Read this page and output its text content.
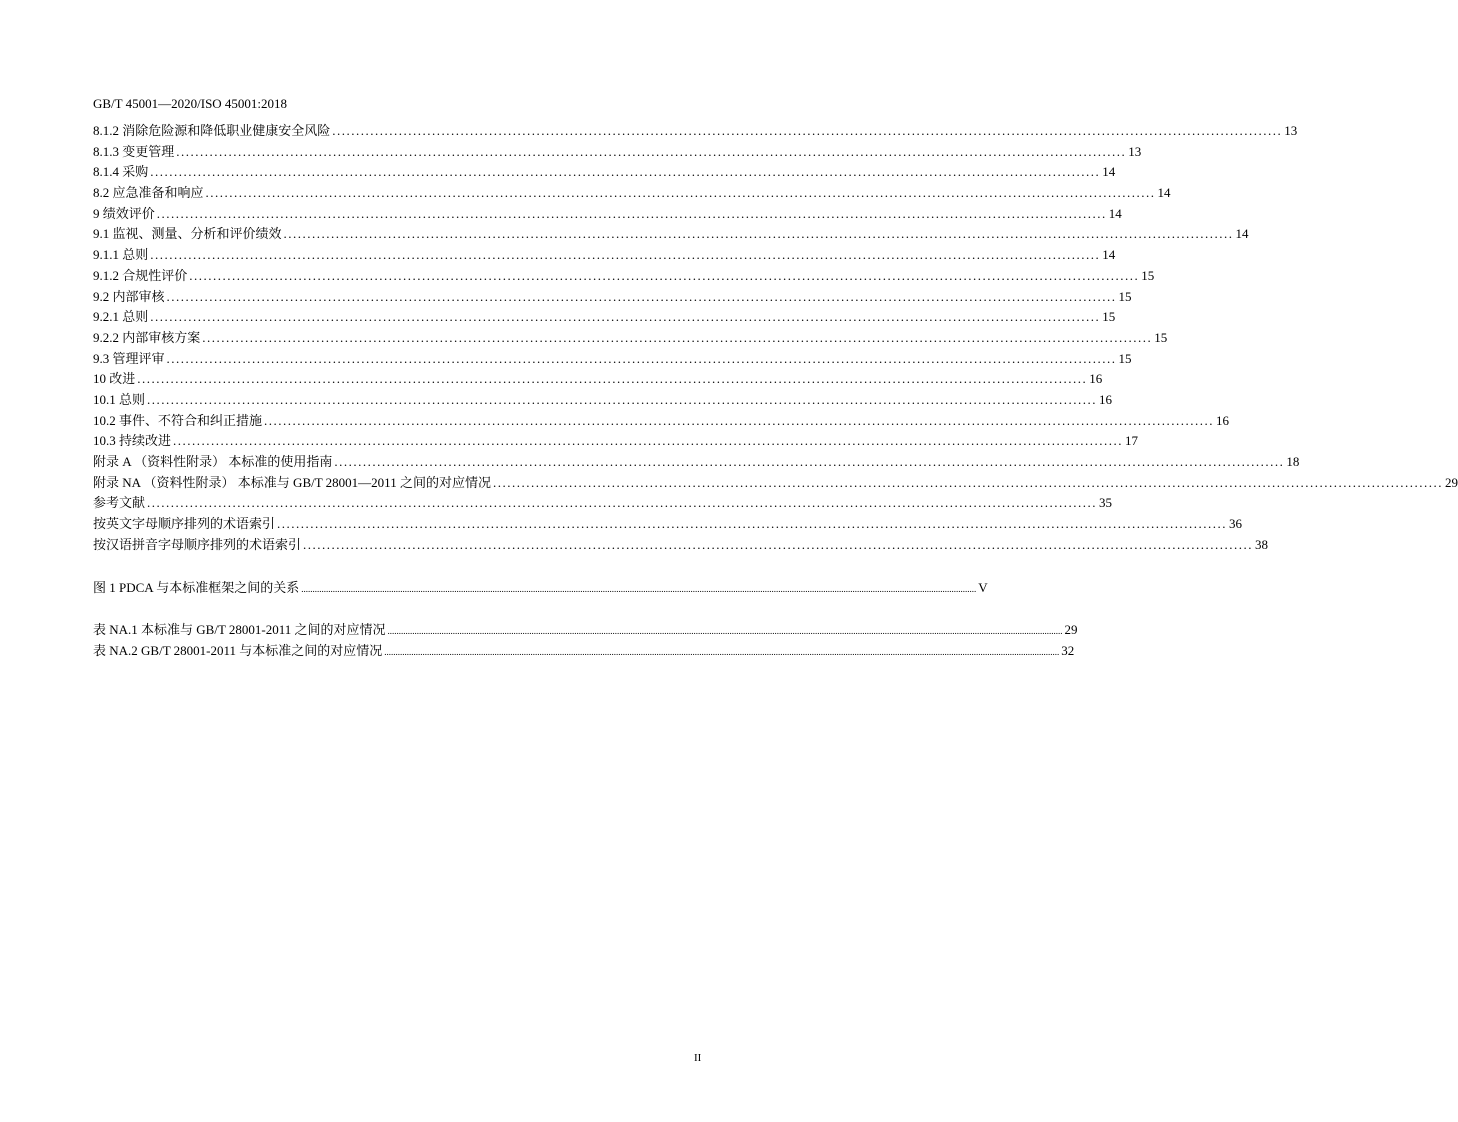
GB/T 45001—2020/ISO 45001:2018
8.1.2 消除危险源和降低职业健康安全风险 ........................................................................................................................................................................................................ 13
8.1.3 变更管理 ........................................................................................................................................................................................................ 13
8.1.4 采购 ........................................................................................................................................................................................................ 14
8.2 应急准备和响应 ........................................................................................................................................................................................................ 14
9 绩效评价 ........................................................................................................................................................................................................ 14
9.1 监视、测量、分析和评价绩效 ........................................................................................................................................................................................................ 14
9.1.1 总则 ........................................................................................................................................................................................................ 14
9.1.2 合规性评价 ........................................................................................................................................................................................................ 15
9.2 内部审核 ........................................................................................................................................................................................................ 15
9.2.1 总则 ........................................................................................................................................................................................................ 15
9.2.2 内部审核方案 ........................................................................................................................................................................................................ 15
9.3 管理评审 ........................................................................................................................................................................................................ 15
10 改进 ........................................................................................................................................................................................................ 16
10.1 总则 ........................................................................................................................................................................................................ 16
10.2 事件、不符合和纠正措施 ........................................................................................................................................................................................................ 16
10.3 持续改进 ........................................................................................................................................................................................................ 17
附录 A （资料性附录） 本标准的使用指南 ........................................................................................................................................................................................................ 18
附录 NA （资料性附录） 本标准与 GB/T 28001—2011 之间的对应情况 ........................................................................................................................................................................................................ 29
参考文献 ........................................................................................................................................................................................................ 35
按英文字母顺序排列的术语索引 ........................................................................................................................................................................................................ 36
按汉语拼音字母顺序排列的术语索引 ........................................................................................................................................................................................................ 38
图 1 PDCA 与本标准框架之间的关系 ............................................................................................................................................................................................................................................................................................................ V
表 NA.1 本标准与 GB/T 28001-2011 之间的对应情况 ............................................................................................................................................................................................................................................................................................................ 29
表 NA.2 GB/T 28001-2011 与本标准之间的对应情况 ............................................................................................................................................................................................................................................................................................................ 32
II
